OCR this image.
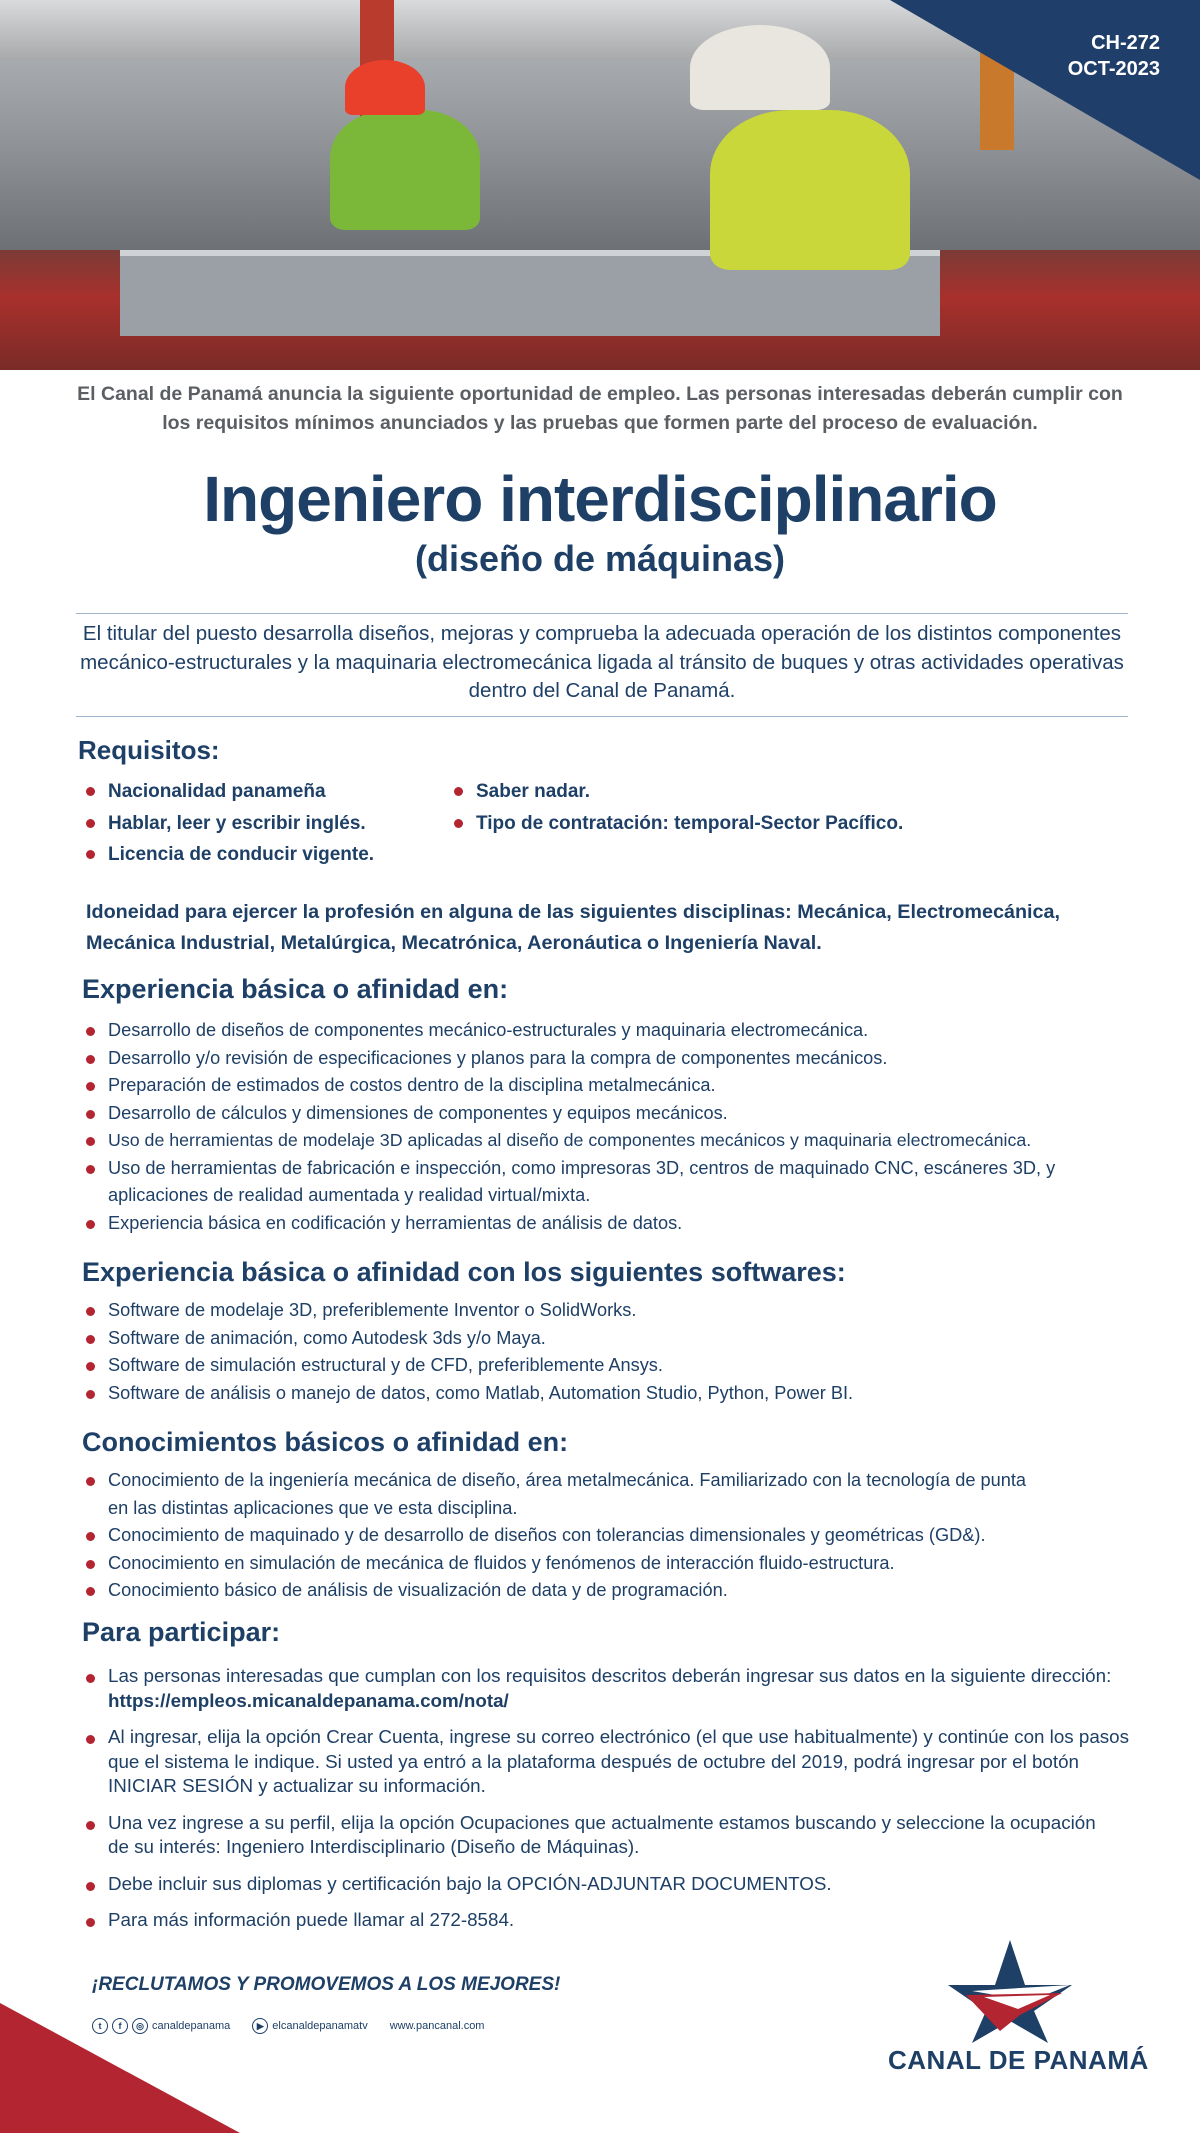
CH-272
OCT-2023
El Canal de Panamá anuncia la siguiente oportunidad de empleo. Las personas interesadas deberán cumplir con los requisitos mínimos anunciados y las pruebas que formen parte del proceso de evaluación.
Ingeniero interdisciplinario
(diseño de máquinas)
El titular del puesto desarrolla diseños, mejoras y comprueba la adecuada operación de los distintos componentes mecánico-estructurales y la maquinaria electromecánica ligada al tránsito de buques y otras actividades operativas dentro del Canal de Panamá.
Requisitos:
Nacionalidad panameña
Hablar, leer y escribir inglés.
Licencia de conducir vigente.
Saber nadar.
Tipo de contratación: temporal-Sector Pacífico.
Idoneidad para ejercer la profesión en alguna de las siguientes disciplinas: Mecánica, Electromecánica, Mecánica Industrial, Metalúrgica, Mecatrónica, Aeronáutica o Ingeniería Naval.
Experiencia básica o afinidad en:
Desarrollo de diseños de componentes mecánico-estructurales y maquinaria electromecánica.
Desarrollo y/o revisión de especificaciones y planos para la compra de componentes mecánicos.
Preparación de estimados de costos dentro de la disciplina metalmecánica.
Desarrollo de cálculos y dimensiones de componentes y equipos mecánicos.
Uso de herramientas de modelaje 3D aplicadas al diseño de componentes mecánicos y maquinaria electromecánica.
Uso de herramientas de fabricación e inspección, como impresoras 3D, centros de maquinado CNC, escáneres 3D, y aplicaciones de realidad aumentada y realidad virtual/mixta.
Experiencia básica en codificación y herramientas de análisis de datos.
Experiencia básica o afinidad con los siguientes softwares:
Software de modelaje 3D, preferiblemente Inventor o SolidWorks.
Software de animación, como Autodesk 3ds y/o Maya.
Software de simulación estructural y de CFD, preferiblemente Ansys.
Software de análisis o manejo de datos, como Matlab, Automation Studio, Python, Power BI.
Conocimientos básicos o afinidad en:
Conocimiento de la ingeniería mecánica de diseño, área metalmecánica. Familiarizado con la tecnología de punta en las distintas aplicaciones que ve esta disciplina.
Conocimiento de maquinado y de desarrollo de diseños con tolerancias dimensionales y geométricas (GD&).
Conocimiento en simulación de mecánica de fluidos y fenómenos de interacción fluido-estructura.
Conocimiento básico de análisis de visualización de data y de programación.
Para participar:
Las personas interesadas que cumplan con los requisitos descritos deberán ingresar sus datos en la siguiente dirección: https://empleos.micanaldepanama.com/nota/
Al ingresar, elija la opción Crear Cuenta, ingrese su correo electrónico (el que use habitualmente) y continúe con los pasos que el sistema le indique. Si usted ya entró a la plataforma después de octubre del 2019, podrá ingresar por el botón INICIAR SESIÓN y actualizar su información.
Una vez ingrese a su perfil, elija la opción Ocupaciones que actualmente estamos buscando y seleccione la ocupación de su interés: Ingeniero Interdisciplinario (Diseño de Máquinas).
Debe incluir sus diplomas y certificación bajo la OPCIÓN-ADJUNTAR DOCUMENTOS.
Para más información puede llamar al 272-8584.
¡RECLUTAMOS Y PROMOVEMOS A LOS MEJORES!
t	f	◎ canaldepanama	▶ elcanaldepanamatv www.pancanal.com
CANAL DE PANAMÁ
